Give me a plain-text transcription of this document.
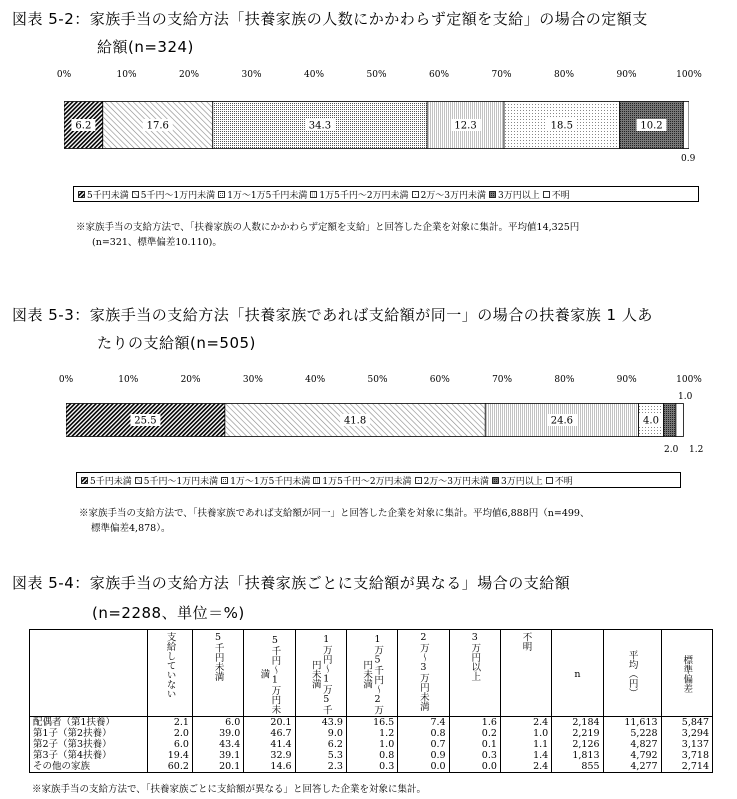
図表 5-2：家族手当の支給方法「扶養家族の人数にかかわらず定額を支給」の場合の定額支
給額(n=324)
0%	10%	20%	30%	40%	50%	60%	70%	80%	90%	100%
6.2	17.6	34.3	12.3	18.5	10.2
0.9
5千円未満 5千円～1万円未満 1万～1万5千円未満 1万5千円～2万円未満 2万～3万円未満 3万円以上 不明
※家族手当の支給方法で、「扶養家族の人数にかかわらず定額を支給」と回答した企業を対象に集計。平均値14,325円
(n=321、標準偏差10.110)。
図表 5-3：家族手当の支給方法「扶養家族であれば支給額が同一」の場合の扶養家族 1 人あ
たりの支給額(n=505)
0%	10%	20%	30%	40%	50%	60%	70%	80%	90%	100%
1.0
25.5	41.8	24.6	4.0
2.0 1.2
5千円未満 5千円～1万円未満 1万～1万5千円未満 1万5千円～2万円未満 2万～3万円未満 3万円以上 不明
※家族手当の支給方法で、「扶養家族であれば支給額が同一」と回答した企業を対象に集計。平均値6,888円（n=499、
標準偏差4,878）。
図表 5-4：家族手当の支給方法「扶養家族ごとに支給額が異なる」場合の支給額
(n=2288、単位＝%)

	支給していない	5千円未満	5千円～1万円未満	1万円～1万5千円未満	1万5千円～2万円未満	2万～3万円未満	3万円以上	不明	n	平均（円）	標準偏差

配偶者（第1扶養）	2.1	6.0	20.1	43.9	16.5	7.4	1.6	2.4	2,184	11,613	5,847
第1子（第2扶養）	2.0	39.0	46.7	9.0	1.2	0.8	0.2	1.0	2,219	5,228	3,294
第2子（第3扶養）	6.0	43.4	41.4	6.2	1.0	0.7	0.1	1.1	2,126	4,827	3,137
第3子（第4扶養）	19.4	39.1	32.9	5.3	0.8	0.9	0.3	1.4	1,813	4,792	3,718
その他の家族	60.2	20.1	14.6	2.3	0.3	0.0	0.0	2.4	855	4,277	2,714
※家族手当の支給方法で、「扶養家族ごとに支給額が異なる」と回答した企業を対象に集計。
